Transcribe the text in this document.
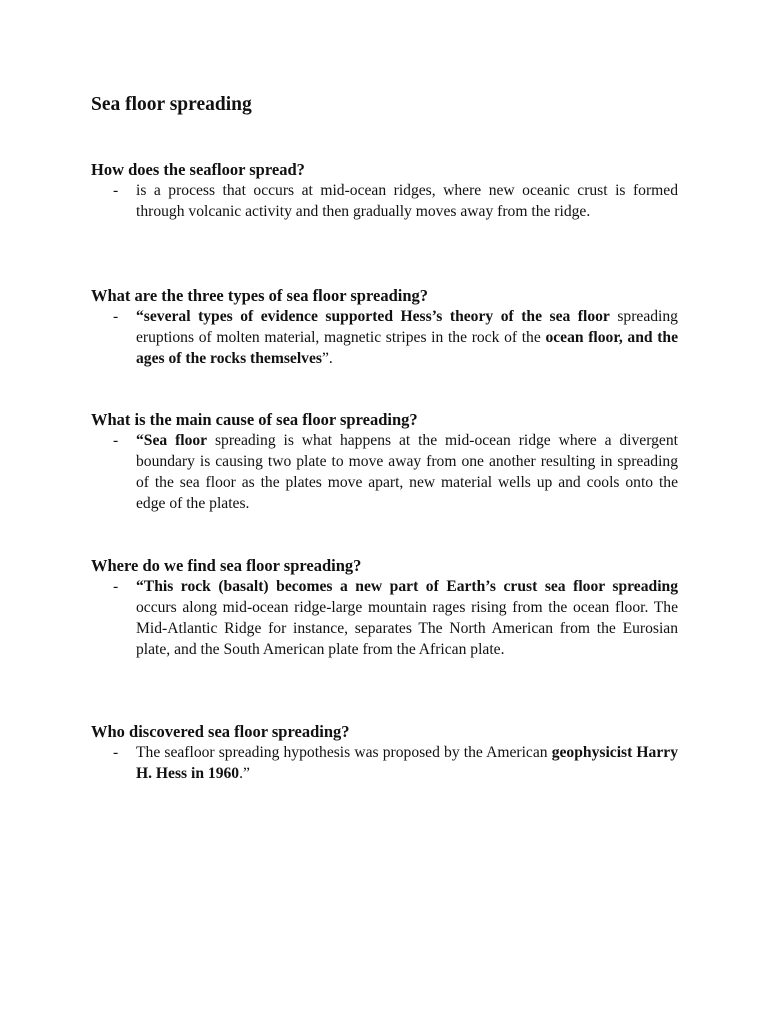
Sea floor spreading

How does the seafloor spread?

- is a process that occurs at mid-ocean ridges, where new oceanic crust is formed through volcanic activity and then gradually moves away from the ridge.

What are the three types of sea floor spreading?

- “several types of evidence supported Hess’s theory of the sea floor spreading eruptions of molten material, magnetic stripes in the rock of the ocean floor, and the ages of the rocks themselves”.

What is the main cause of sea floor spreading?

- “Sea floor spreading is what happens at the mid-ocean ridge where a divergent boundary is causing two plate to move away from one another resulting in spreading of the sea floor as the plates move apart, new material wells up and cools onto the edge of the plates.

Where do we find sea floor spreading?

- “This rock (basalt) becomes a new part of Earth’s crust sea floor spreading occurs along mid-ocean ridge-large mountain rages rising from the ocean floor. The Mid-Atlantic Ridge for instance, separates The North American from the Eurosian plate, and the South American plate from the African plate.

Who discovered sea floor spreading?

- The seafloor spreading hypothesis was proposed by the American geophysicist Harry H. Hess in 1960.”
